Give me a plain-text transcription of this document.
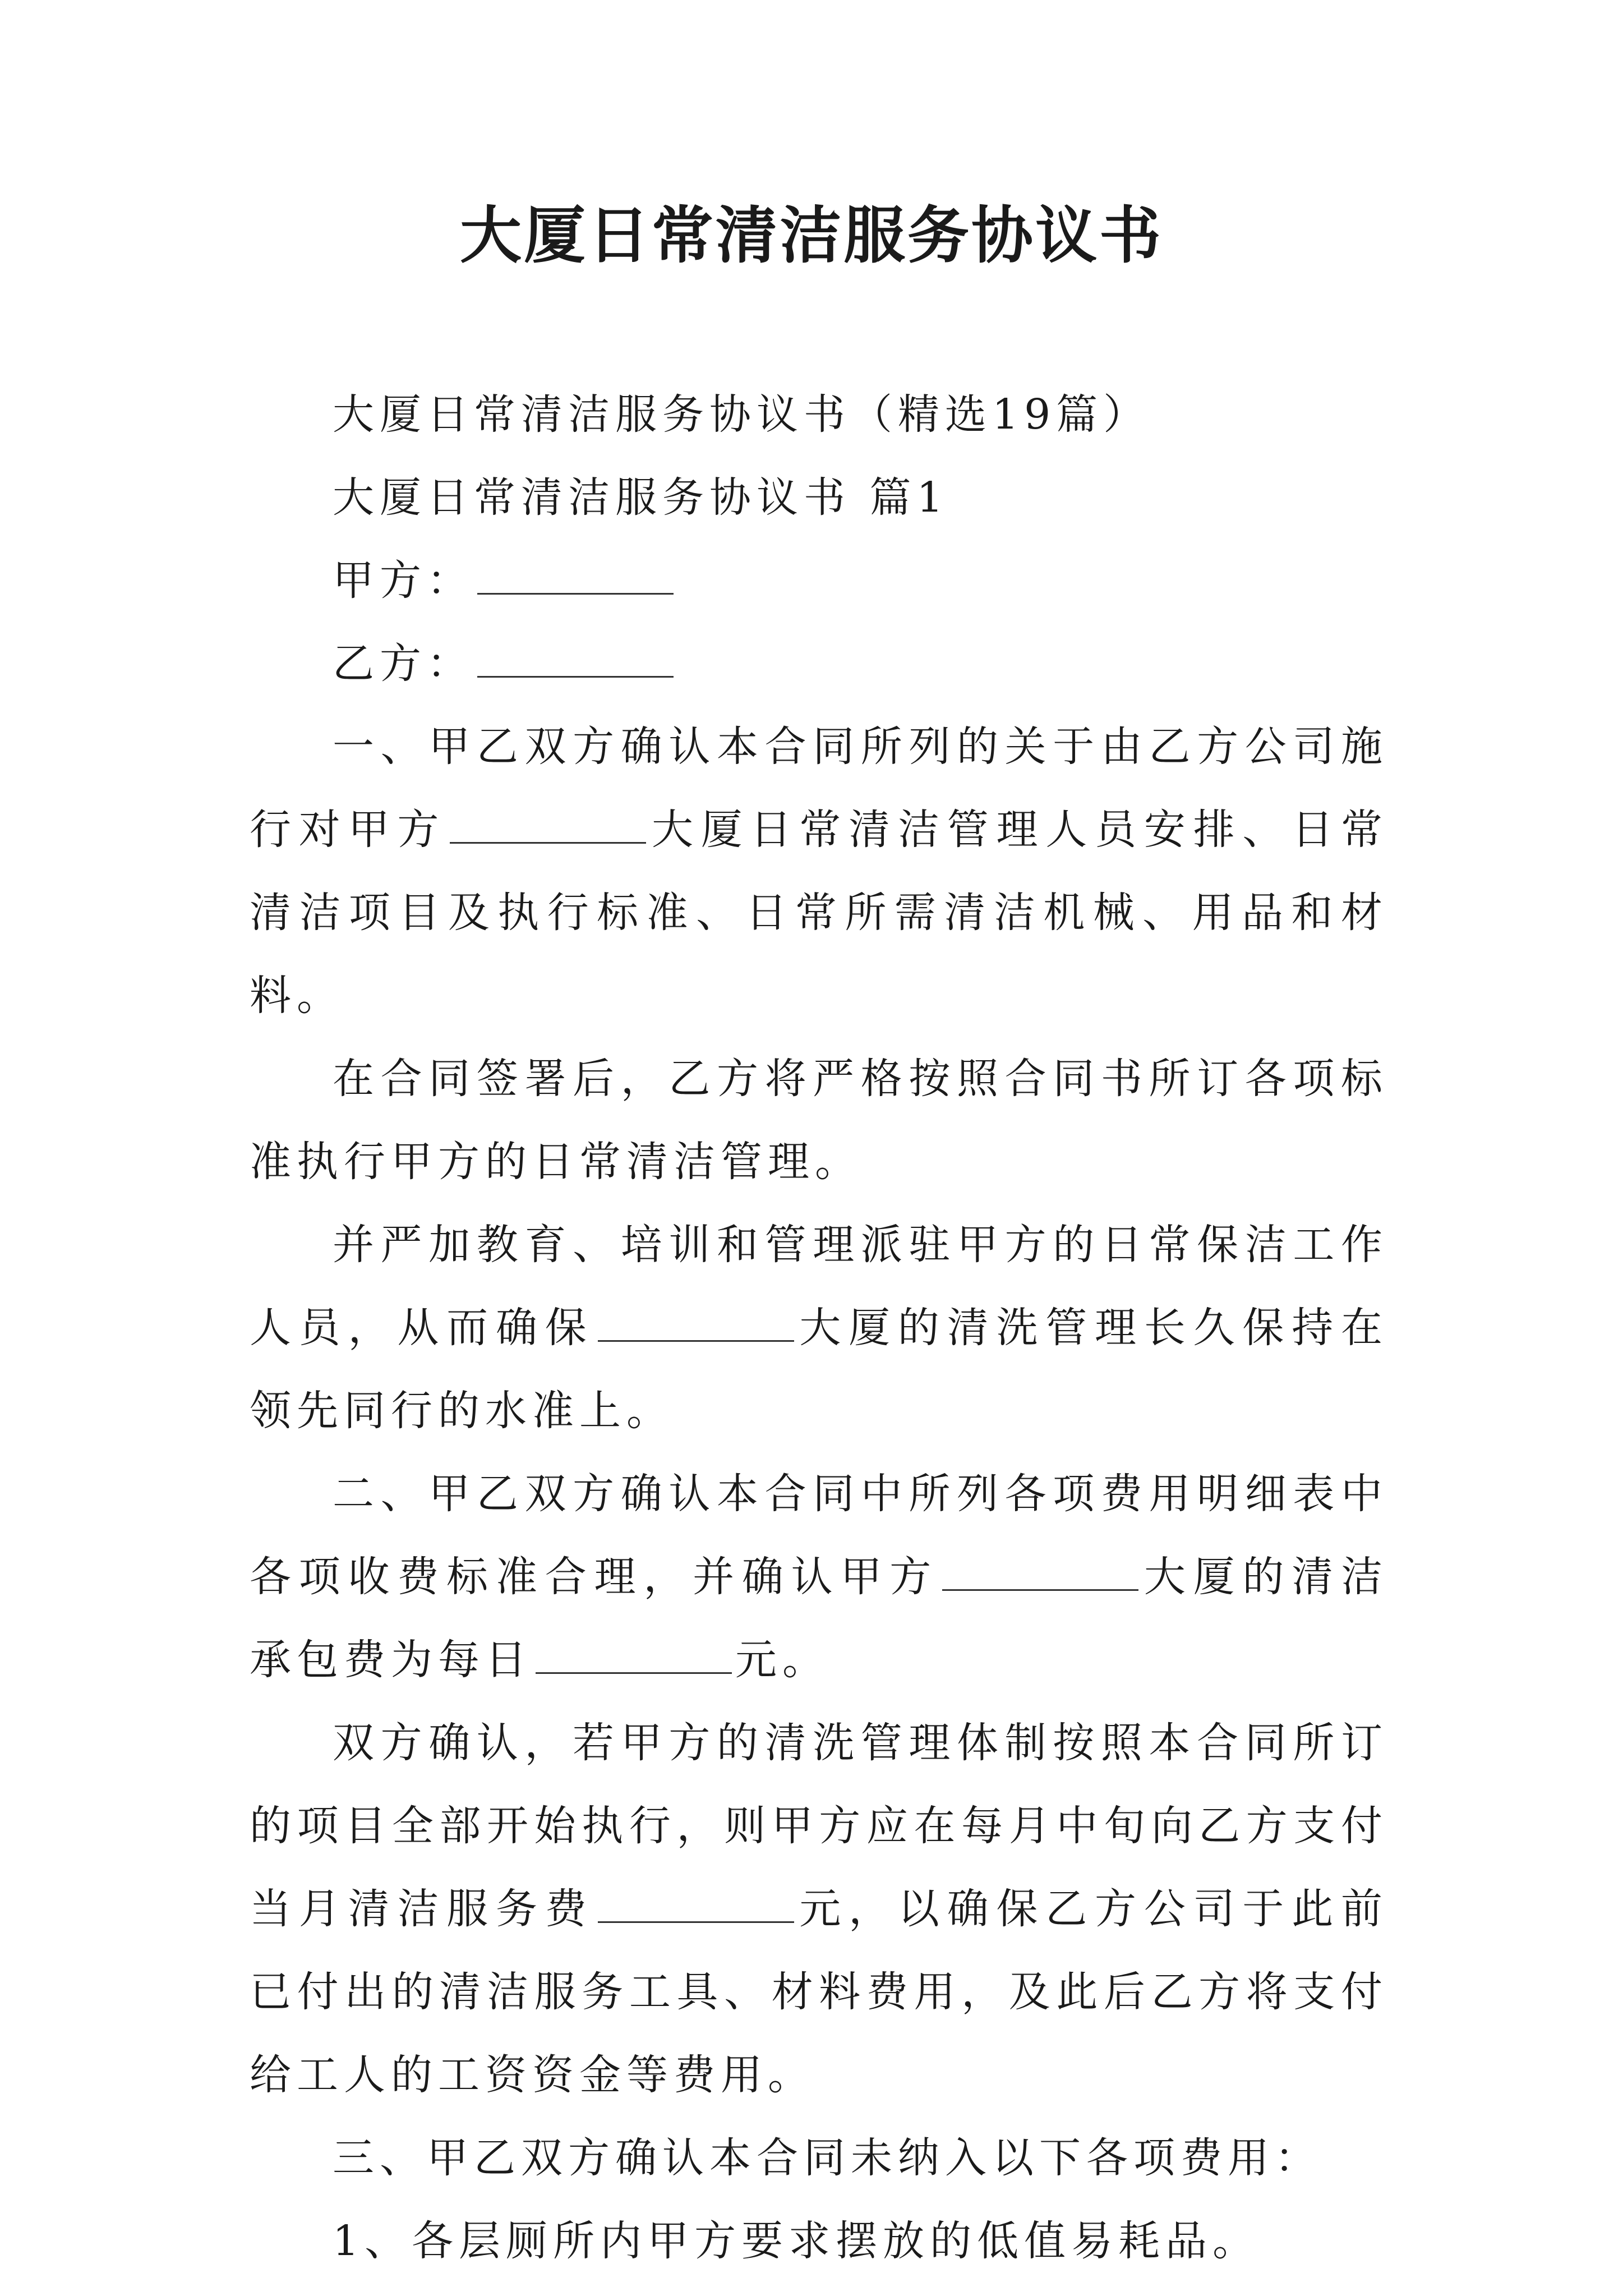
大厦日常清洁服务协议书

大厦日常清洁服务协议书（精选19篇）

大厦日常清洁服务协议书 篇1

甲方：

乙方：

一、甲乙双方确认本合同所列的关于由乙方公司施行对甲方	大厦日常清洁管理人员安排、日常清洁项目及执行标准、日常所需清洁机械、用品和材料。

在合同签署后，乙方将严格按照合同书所订各项标准执行甲方的日常清洁管理。

并严加教育、培训和管理派驻甲方的日常保洁工作人员，从而确保	大厦的清洗管理长久保持在领先同行的水准上。

二、甲乙双方确认本合同中所列各项费用明细表中各项收费标准合理，并确认甲方	大厦的清洁承包费为每日	元。

双方确认，若甲方的清洗管理体制按照本合同所订的项目全部开始执行，则甲方应在每月中旬向乙方支付当月清洁服务费	元，以确保乙方公司于此前已付出的清洁服务工具、材料费用，及此后乙方将支付给工人的工资资金等费用。

三、甲乙双方确认本合同未纳入以下各项费用：

1、各层厕所内甲方要求摆放的低值易耗品。
